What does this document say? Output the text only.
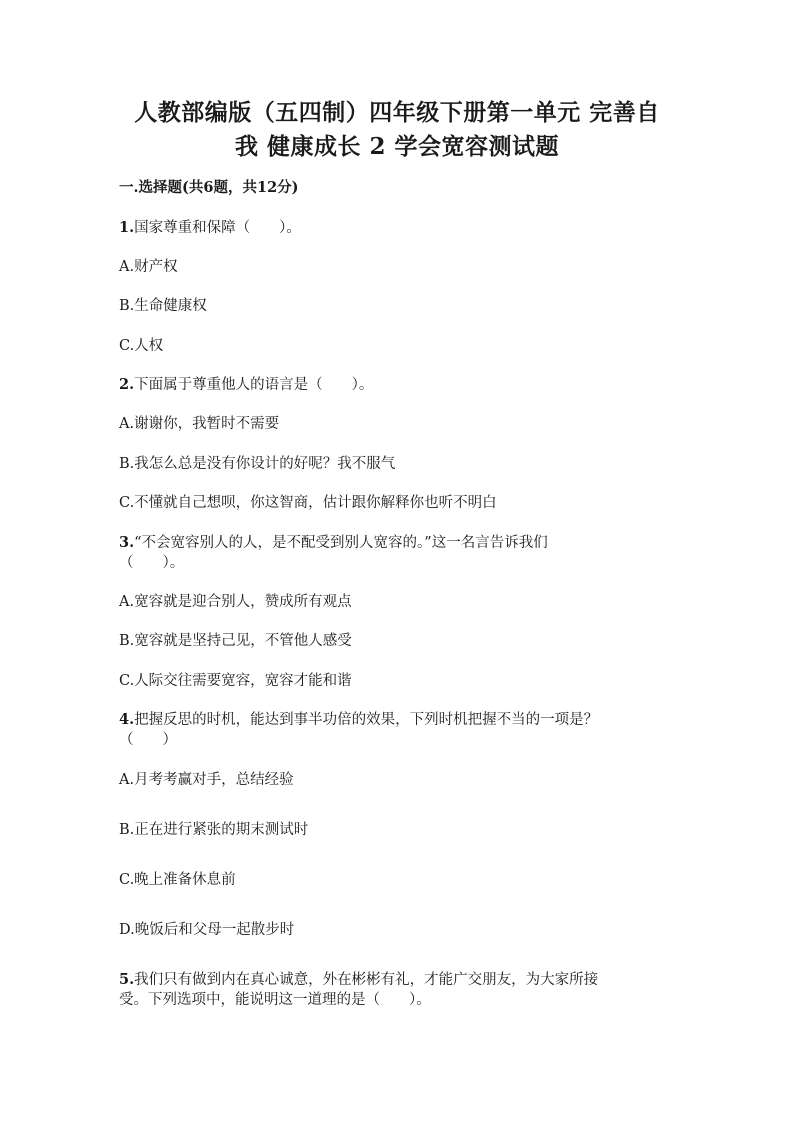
人教部编版（五四制）四年级下册第一单元 完善自
我 健康成长 2 学会宽容测试题
一.选择题(共6题，共12分)
1.国家尊重和保障（　　）。
A.财产权
B.生命健康权
C.人权
2.下面属于尊重他人的语言是（　　）。
A.谢谢你，我暂时不需要
B.我怎么总是没有你设计的好呢？我不服气
C.不懂就自己想呗，你这智商，估计跟你解释你也听不明白
3.“不会宽容别人的人，是不配受到别人宽容的。”这一名言告诉我们
（　　）。
A.宽容就是迎合别人，赞成所有观点
B.宽容就是坚持己见，不管他人感受
C.人际交往需要宽容，宽容才能和谐
4.把握反思的时机，能达到事半功倍的效果，下列时机把握不当的一项是？
（　　）
A.月考考赢对手，总结经验
B.正在进行紧张的期末测试时
C.晚上准备休息前
D.晚饭后和父母一起散步时
5.我们只有做到内在真心诚意，外在彬彬有礼，才能广交朋友，为大家所接
受。下列选项中，能说明这一道理的是（　　）。
